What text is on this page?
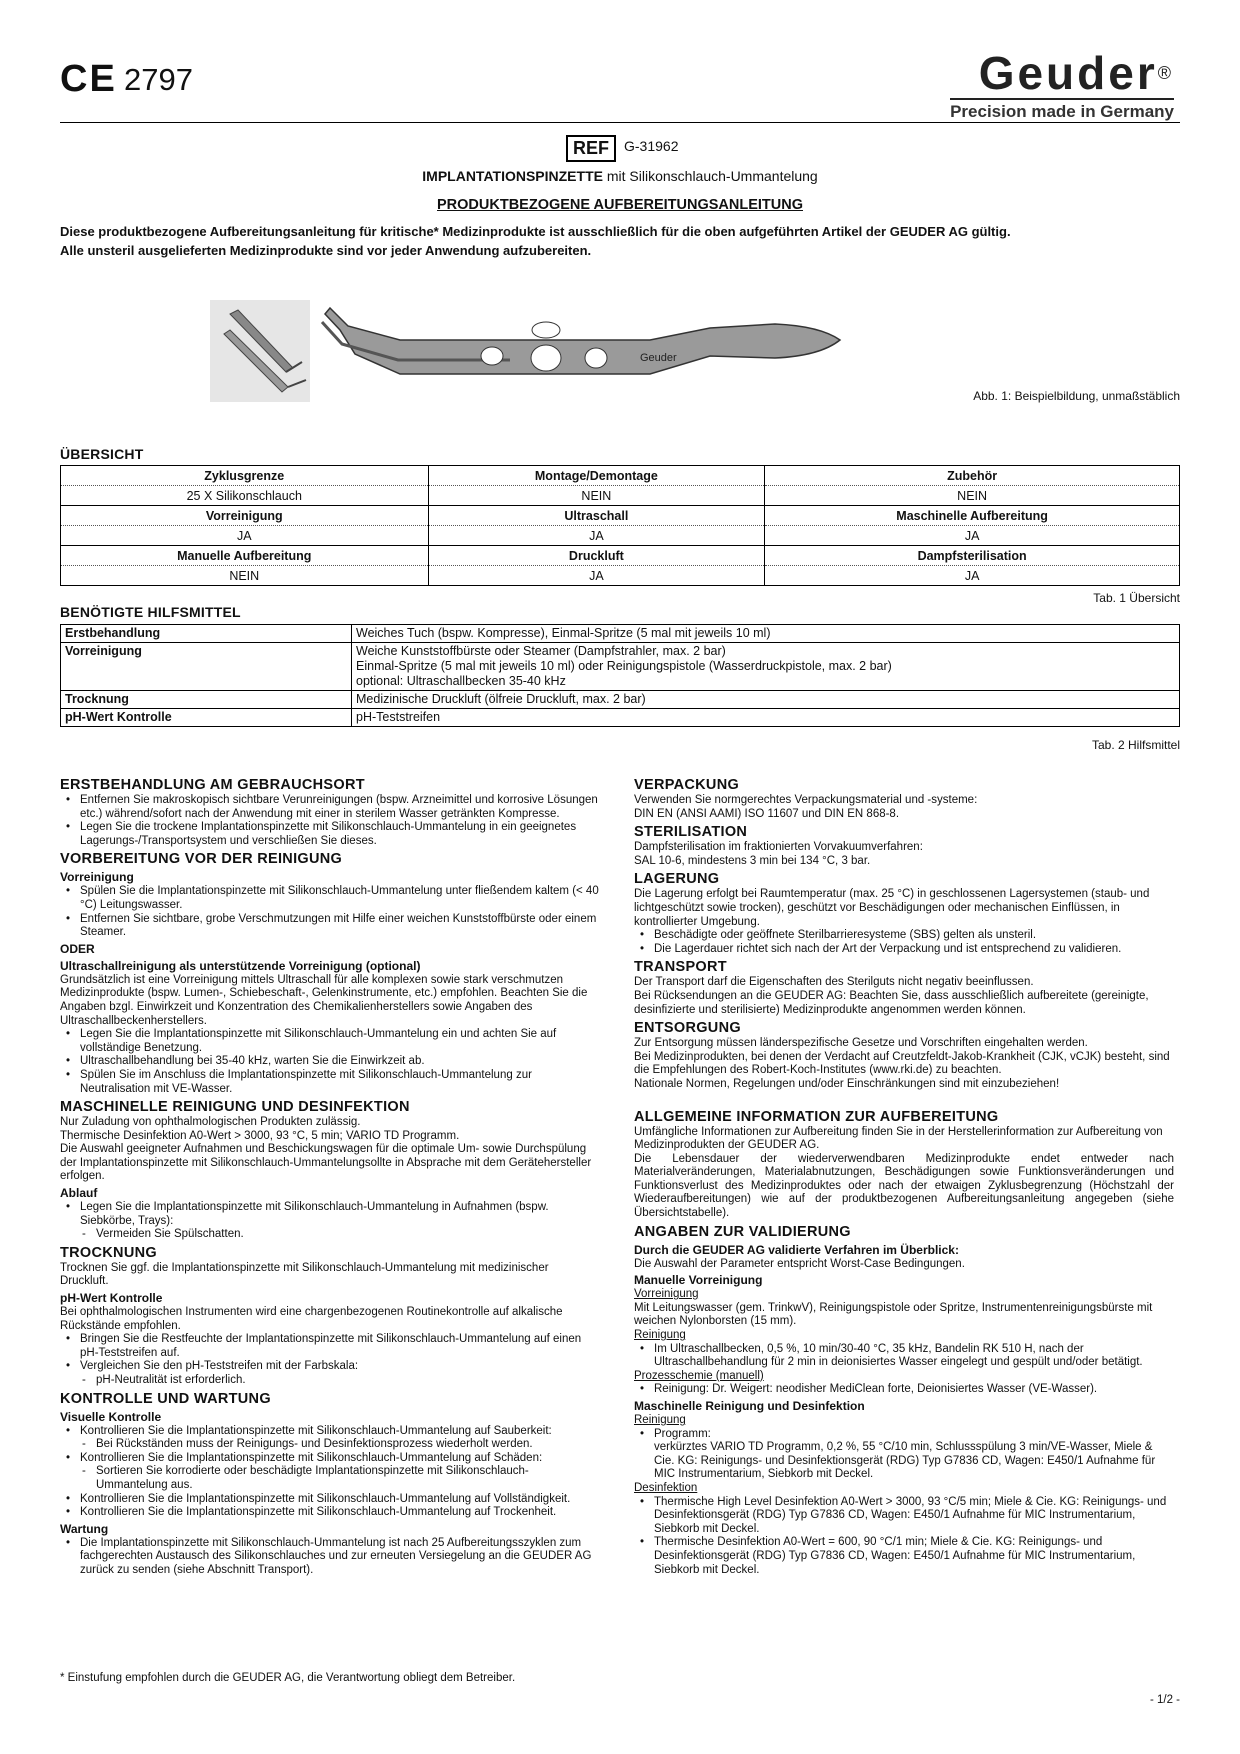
CE 2797	Geuder®
Precision made in Germany
REF	G-31962
IMPLANTATIONSPINZETTE mit Silikonschlauch-Ummantelung
PRODUKTBEZOGENE AUFBEREITUNGSANLEITUNG
Diese produktbezogene Aufbereitungsanleitung für kritische* Medizinprodukte ist ausschließlich für die oben aufgeführten Artikel der GEUDER AG gültig.
Alle unsteril ausgelieferten Medizinprodukte sind vor jeder Anwendung aufzubereiten.
Geuder
Abb. 1: Beispielbildung, unmaßstäblich
ÜBERSICHT
Zyklusgrenze	Montage/Demontage	Zubehör
25 X Silikonschlauch	NEIN	NEIN
Vorreinigung	Ultraschall	Maschinelle Aufbereitung
JA	JA	JA
Manuelle Aufbereitung	Druckluft	Dampfsterilisation
NEIN	JA	JA
Tab. 1 Übersicht
BENÖTIGTE HILFSMITTEL
Erstbehandlung	Weiches Tuch (bspw. Kompresse), Einmal-Spritze (5 mal mit jeweils 10 ml)
Vorreinigung	Weiche Kunststoffbürste oder Steamer (Dampfstrahler, max. 2 bar)
Einmal-Spritze (5 mal mit jeweils 10 ml) oder Reinigungspistole (Wasserdruckpistole, max. 2 bar)
optional: Ultraschallbecken 35-40 kHz

Trocknung	Medizinische Druckluft (ölfreie Druckluft, max. 2 bar)
pH-Wert Kontrolle	pH-Teststreifen
Tab. 2 Hilfsmittel
ERSTBEHANDLUNG AM GEBRAUCHSORT
• Entfernen Sie makroskopisch sichtbare Verunreinigungen (bspw. Arzneimittel und korrosive Lösungen etc.) während/sofort nach der Anwendung mit einer in sterilem Wasser getränkten Kompresse.
• Legen Sie die trockene Implantationspinzette mit Silikonschlauch-Ummantelung in ein geeignetes Lagerungs-/Transportsystem und verschließen Sie dieses.
VORBEREITUNG VOR DER REINIGUNG
Vorreinigung
• Spülen Sie die Implantationspinzette mit Silikonschlauch-Ummantelung unter fließendem kaltem (< 40 °C) Leitungswasser.
• Entfernen Sie sichtbare, grobe Verschmutzungen mit Hilfe einer weichen Kunststoffbürste oder einem Steamer.
ODER
Ultraschallreinigung als unterstützende Vorreinigung (optional)

Grundsätzlich ist eine Vorreinigung mittels Ultraschall für alle komplexen sowie stark verschmutzen Medizinprodukte (bspw. Lumen-, Schiebeschaft-, Gelenkinstrumente, etc.) empfohlen. Beachten Sie die Angaben bzgl. Einwirkzeit und Konzentration des Chemikalienherstellers sowie Angaben des Ultraschallbeckenherstellers.

• Legen Sie die Implantationspinzette mit Silikonschlauch-Ummantelung ein und achten Sie auf vollständige Benetzung.
• Ultraschallbehandlung bei 35-40 kHz, warten Sie die Einwirkzeit ab.
• Spülen Sie im Anschluss die Implantationspinzette mit Silikonschlauch-Ummantelung zur Neutralisation mit VE-Wasser.
MASCHINELLE REINIGUNG UND DESINFEKTION

Nur Zuladung von ophthalmologischen Produkten zulässig.

Thermische Desinfektion A0-Wert > 3000, 93 °C, 5 min; VARIO TD Programm.

Die Auswahl geeigneter Aufnahmen und Beschickungswagen für die optimale Um- sowie Durchspülung der Implantationspinzette mit Silikonschlauch-Ummantelungsollte in Absprache mit dem Gerätehersteller erfolgen.

Ablauf
• Legen Sie die Implantationspinzette mit Silikonschlauch-Ummantelung in Aufnahmen (bspw. Siebkörbe, Trays):
- Vermeiden Sie Spülschatten.
TROCKNUNG

Trocknen Sie ggf. die Implantationspinzette mit Silikonschlauch-Ummantelung mit medizinischer Druckluft.

pH-Wert Kontrolle

Bei ophthalmologischen Instrumenten wird eine chargenbezogenen Routinekontrolle auf alkalische Rückstände empfohlen.

• Bringen Sie die Restfeuchte der Implantationspinzette mit Silikonschlauch-Ummantelung auf einen pH-Teststreifen auf.
• Vergleichen Sie den pH-Teststreifen mit der Farbskala:
- pH-Neutralität ist erforderlich.
KONTROLLE UND WARTUNG
Visuelle Kontrolle
• Kontrollieren Sie die Implantationspinzette mit Silikonschlauch-Ummantelung auf Sauberkeit:
- Bei Rückständen muss der Reinigungs- und Desinfektionsprozess wiederholt werden.
• Kontrollieren Sie die Implantationspinzette mit Silikonschlauch-Ummantelung auf Schäden:
- Sortieren Sie korrodierte oder beschädigte Implantationspinzette mit Silikonschlauch-Ummantelung aus.
• Kontrollieren Sie die Implantationspinzette mit Silikonschlauch-Ummantelung auf Vollständigkeit.
• Kontrollieren Sie die Implantationspinzette mit Silikonschlauch-Ummantelung auf Trockenheit.
Wartung
• Die Implantationspinzette mit Silikonschlauch-Ummantelung ist nach 25 Aufbereitungsszyklen zum fachgerechten Austausch des Silikonschlauches und zur erneuten Versiegelung an die GEUDER AG zurück zu senden (siehe Abschnitt Transport).
VERPACKUNG

Verwenden Sie normgerechtes Verpackungsmaterial und -systeme:

DIN EN (ANSI AAMI) ISO 11607 und DIN EN 868-8.

STERILISATION

Dampfsterilisation im fraktionierten Vorvakuumverfahren:

SAL 10-6, mindestens 3 min bei 134 °C, 3 bar.

LAGERUNG

Die Lagerung erfolgt bei Raumtemperatur (max. 25 °C) in geschlossenen Lagersystemen (staub- und lichtgeschützt sowie trocken), geschützt vor Beschädigungen oder mechanischen Einflüssen, in kontrollierter Umgebung.

• Beschädigte oder geöffnete Sterilbarrieresysteme (SBS) gelten als unsteril.
• Die Lagerdauer richtet sich nach der Art der Verpackung und ist entsprechend zu validieren.
TRANSPORT

Der Transport darf die Eigenschaften des Sterilguts nicht negativ beeinflussen.

Bei Rücksendungen an die GEUDER AG: Beachten Sie, dass ausschließlich aufbereitete (gereinigte, desinfizierte und sterilisierte) Medizinprodukte angenommen werden können.

ENTSORGUNG

Zur Entsorgung müssen länderspezifische Gesetze und Vorschriften eingehalten werden.

Bei Medizinprodukten, bei denen der Verdacht auf Creutzfeldt-Jakob-Krankheit (CJK, vCJK) besteht, sind die Empfehlungen des Robert-Koch-Institutes (www.rki.de) zu beachten.

Nationale Normen, Regelungen und/oder Einschränkungen sind mit einzubeziehen!

ALLGEMEINE INFORMATION ZUR AUFBEREITUNG

Umfängliche Informationen zur Aufbereitung finden Sie in der Herstellerinformation zur Aufbereitung von Medizinprodukten der GEUDER AG.

Die Lebensdauer der wiederverwendbaren Medizinprodukte endet entweder nach Materialveränderungen, Materialabnutzungen, Beschädigungen sowie Funktionsveränderungen und Funktionsverlust des Medizinproduktes oder nach der etwaigen Zyklusbegrenzung (Höchstzahl der Wiederaufbereitungen) wie auf der produktbezogenen Aufbereitungsanleitung angegeben (siehe Übersichtstabelle).

ANGABEN ZUR VALIDIERUNG
Durch die GEUDER AG validierte Verfahren im Überblick:

Die Auswahl der Parameter entspricht Worst-Case Bedingungen.

Manuelle Vorreinigung

Vorreinigung

Mit Leitungswasser (gem. TrinkwV), Reinigungspistole oder Spritze, Instrumentenreinigungsbürste mit weichen Nylonborsten (15 mm).

Reinigung

• Im Ultraschallbecken, 0,5 %, 10 min/30-40 °C, 35 kHz, Bandelin RK 510 H, nach der Ultraschallbehandlung für 2 min in deionisiertes Wasser eingelegt und gespült und/oder betätigt.

Prozesschemie (manuell)

• Reinigung: Dr. Weigert: neodisher MediClean forte, Deionisiertes Wasser (VE-Wasser).
Maschinelle Reinigung und Desinfektion

Reinigung

• Programm:
verkürztes VARIO TD Programm, 0,2 %, 55 °C/10 min, Schlussspülung 3 min/VE-Wasser, Miele & Cie. KG: Reinigungs- und Desinfektionsgerät (RDG) Typ G7836 CD, Wagen: E450/1 Aufnahme für MIC Instrumentarium, Siebkorb mit Deckel.

Desinfektion

• Thermische High Level Desinfektion A0-Wert > 3000, 93 °C/5 min; Miele & Cie. KG: Reinigungs- und Desinfektionsgerät (RDG) Typ G7836 CD, Wagen: E450/1 Aufnahme für MIC Instrumentarium, Siebkorb mit Deckel.
• Thermische Desinfektion A0-Wert = 600, 90 °C/1 min; Miele & Cie. KG: Reinigungs- und Desinfektionsgerät (RDG) Typ G7836 CD, Wagen: E450/1 Aufnahme für MIC Instrumentarium, Siebkorb mit Deckel.
* Einstufung empfohlen durch die GEUDER AG, die Verantwortung obliegt dem Betreiber.
- 1/2 -
